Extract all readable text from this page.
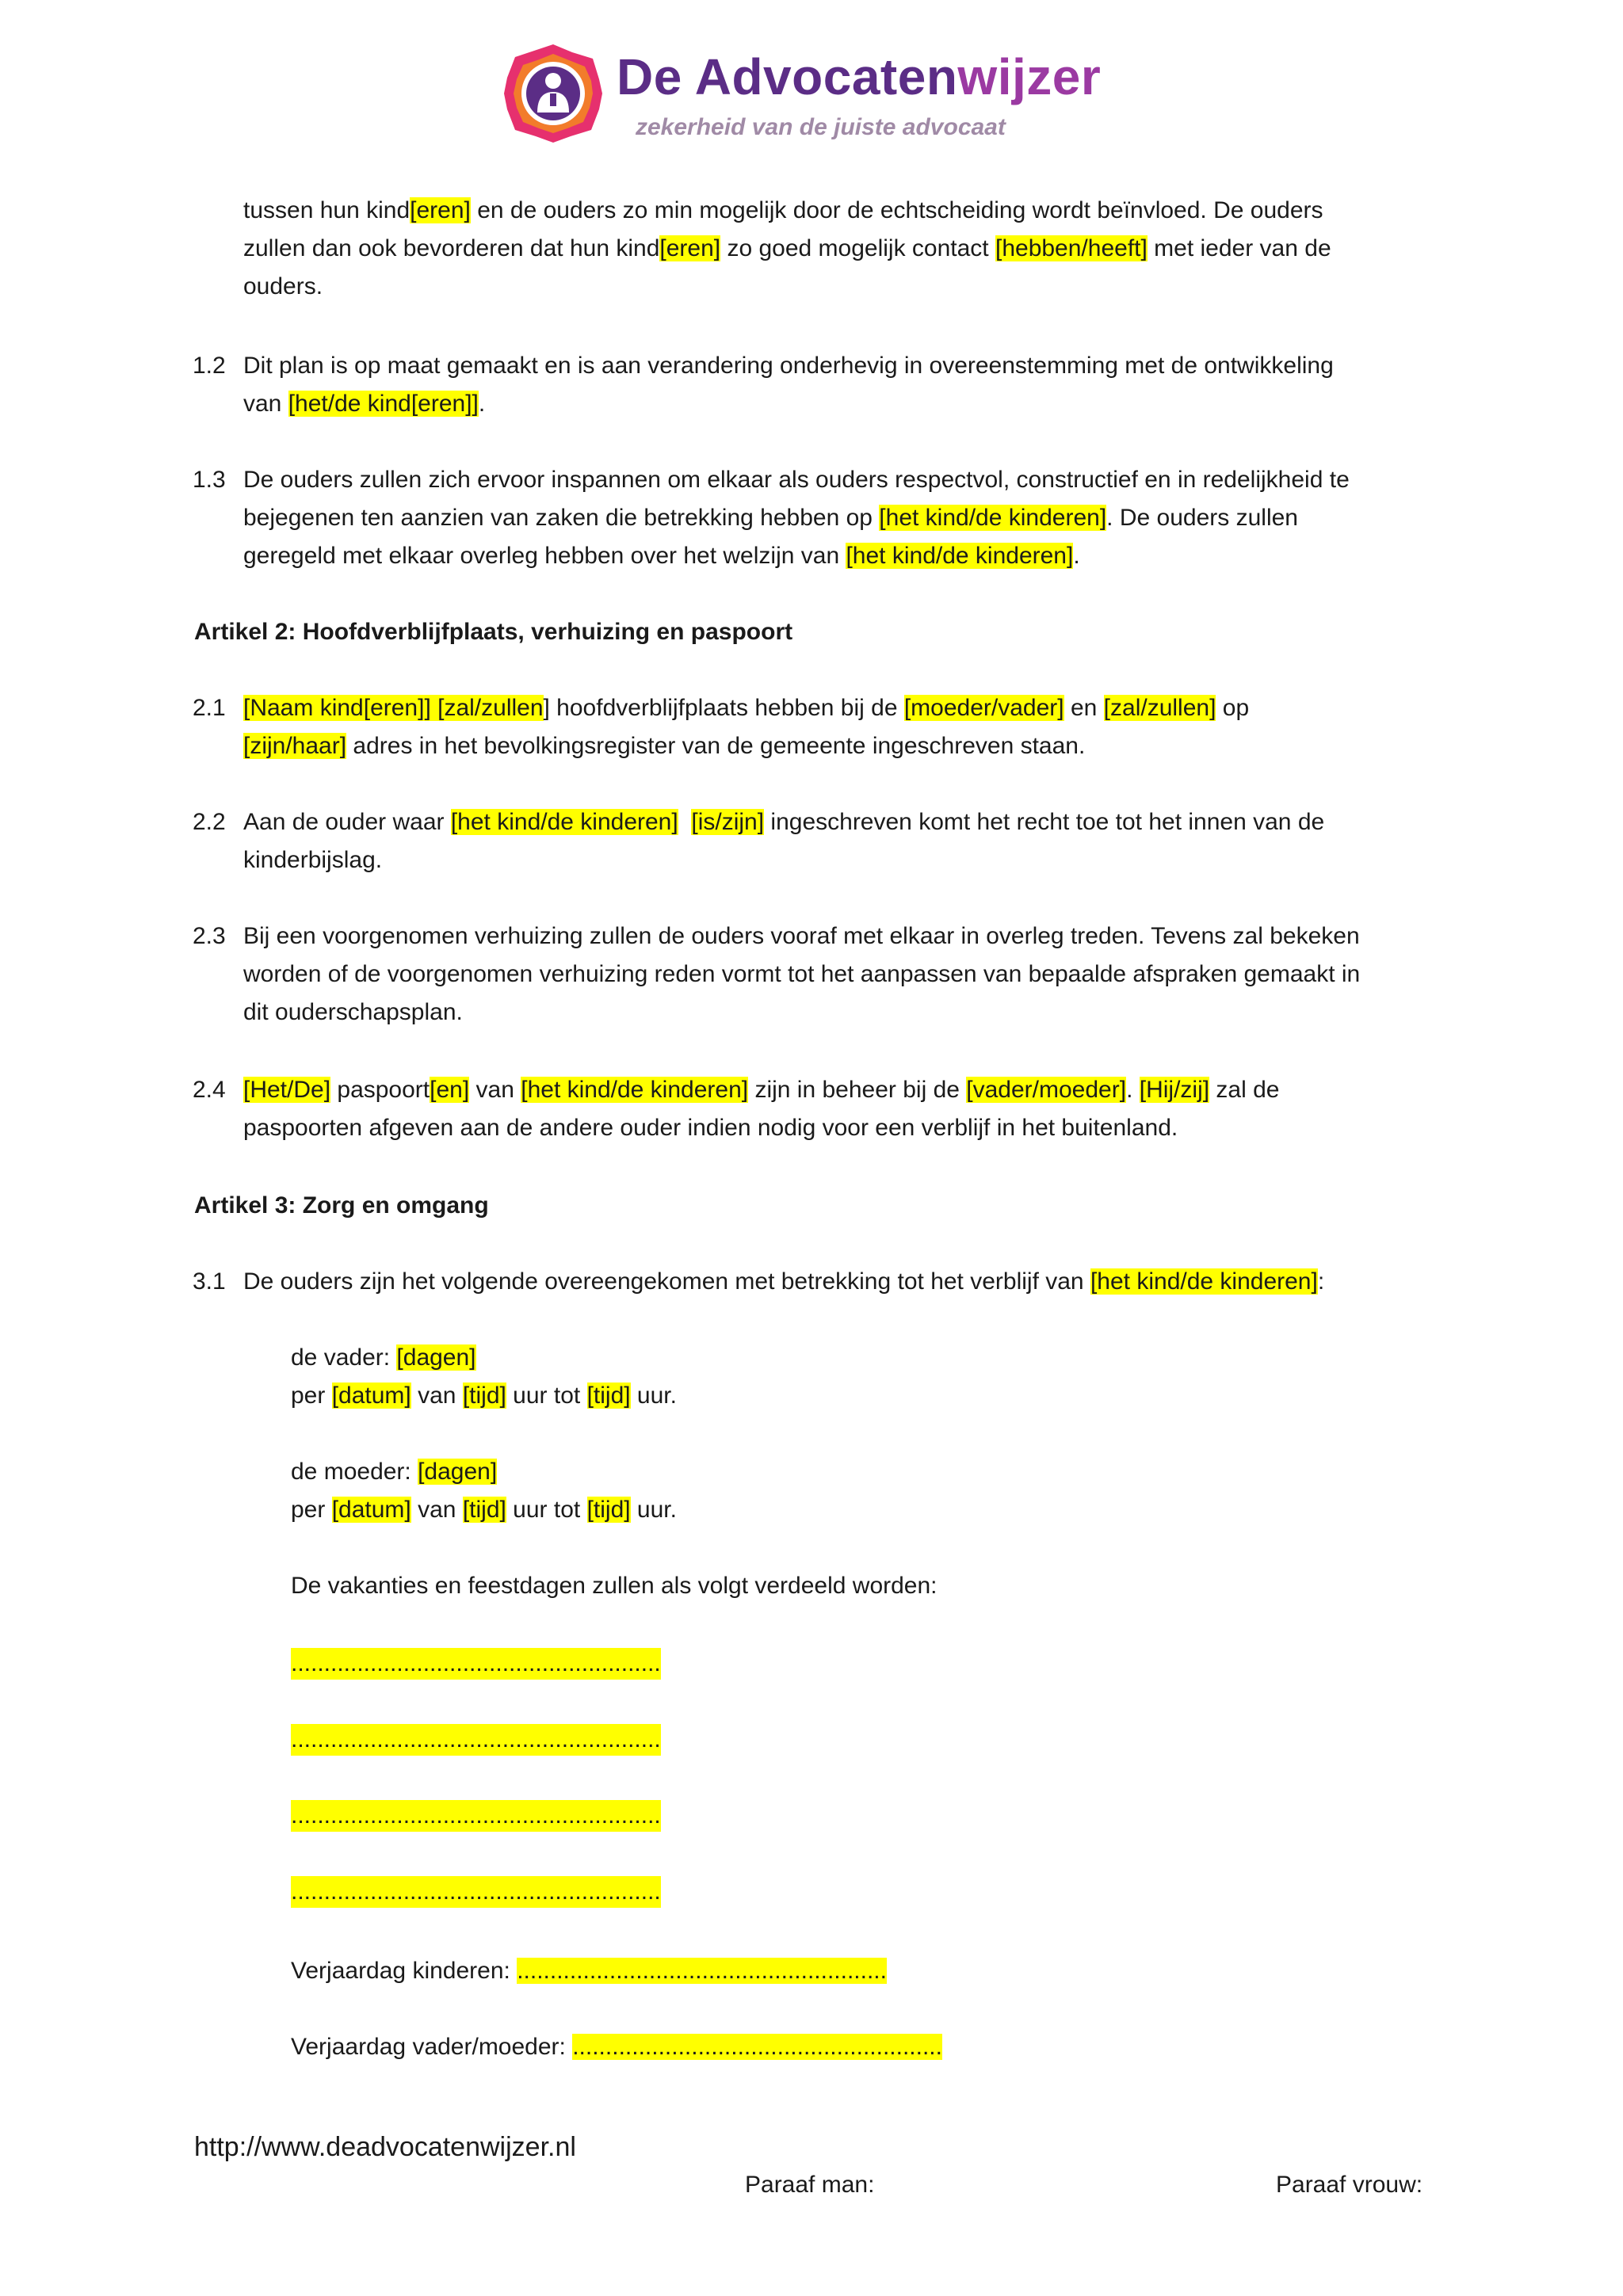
De Advocatenwijzer
zekerheid van de juiste advocaat
tussen hun kind[eren] en de ouders zo min mogelijk door de echtscheiding wordt beïnvloed. De ouders
zullen dan ook bevorderen dat hun kind[eren] zo goed mogelijk contact [hebben/heeft] met ieder van de
ouders.
1.2 Dit plan is op maat gemaakt en is aan verandering onderhevig in overeenstemming met de ontwikkeling
van [het/de kind[eren]].
1.3 De ouders zullen zich ervoor inspannen om elkaar als ouders respectvol, constructief en in redelijkheid te
bejegenen ten aanzien van zaken die betrekking hebben op [het kind/de kinderen]. De ouders zullen
geregeld met elkaar overleg hebben over het welzijn van [het kind/de kinderen].
Artikel 2: Hoofdverblijfplaats, verhuizing en paspoort
2.1 [Naam kind[eren]] [zal/zullen] hoofdverblijfplaats hebben bij de [moeder/vader] en [zal/zullen] op
[zijn/haar] adres in het bevolkingsregister van de gemeente ingeschreven staan.
2.2 Aan de ouder waar [het kind/de kinderen] [is/zijn] ingeschreven komt het recht toe tot het innen van de
kinderbijslag.
2.3 Bij een voorgenomen verhuizing zullen de ouders vooraf met elkaar in overleg treden. Tevens zal bekeken
worden of de voorgenomen verhuizing reden vormt tot het aanpassen van bepaalde afspraken gemaakt in
dit ouderschapsplan.
2.4 [Het/De] paspoort[en] van [het kind/de kinderen] zijn in beheer bij de [vader/moeder]. [Hij/zij] zal de
paspoorten afgeven aan de andere ouder indien nodig voor een verblijf in het buitenland.
Artikel 3: Zorg en omgang
3.1 De ouders zijn het volgende overeengekomen met betrekking tot het verblijf van [het kind/de kinderen]:
de vader: [dagen]
per [datum] van [tijd] uur tot [tijd] uur.
de moeder: [dagen]
per [datum] van [tijd] uur tot [tijd] uur.
De vakanties en feestdagen zullen als volgt verdeeld worden:
........................................................
........................................................
........................................................
........................................................
Verjaardag kinderen: ........................................................
Verjaardag vader/moeder: ........................................................
http://www.deadvocatenwijzer.nl
Paraaf man:	Paraaf vrouw:
